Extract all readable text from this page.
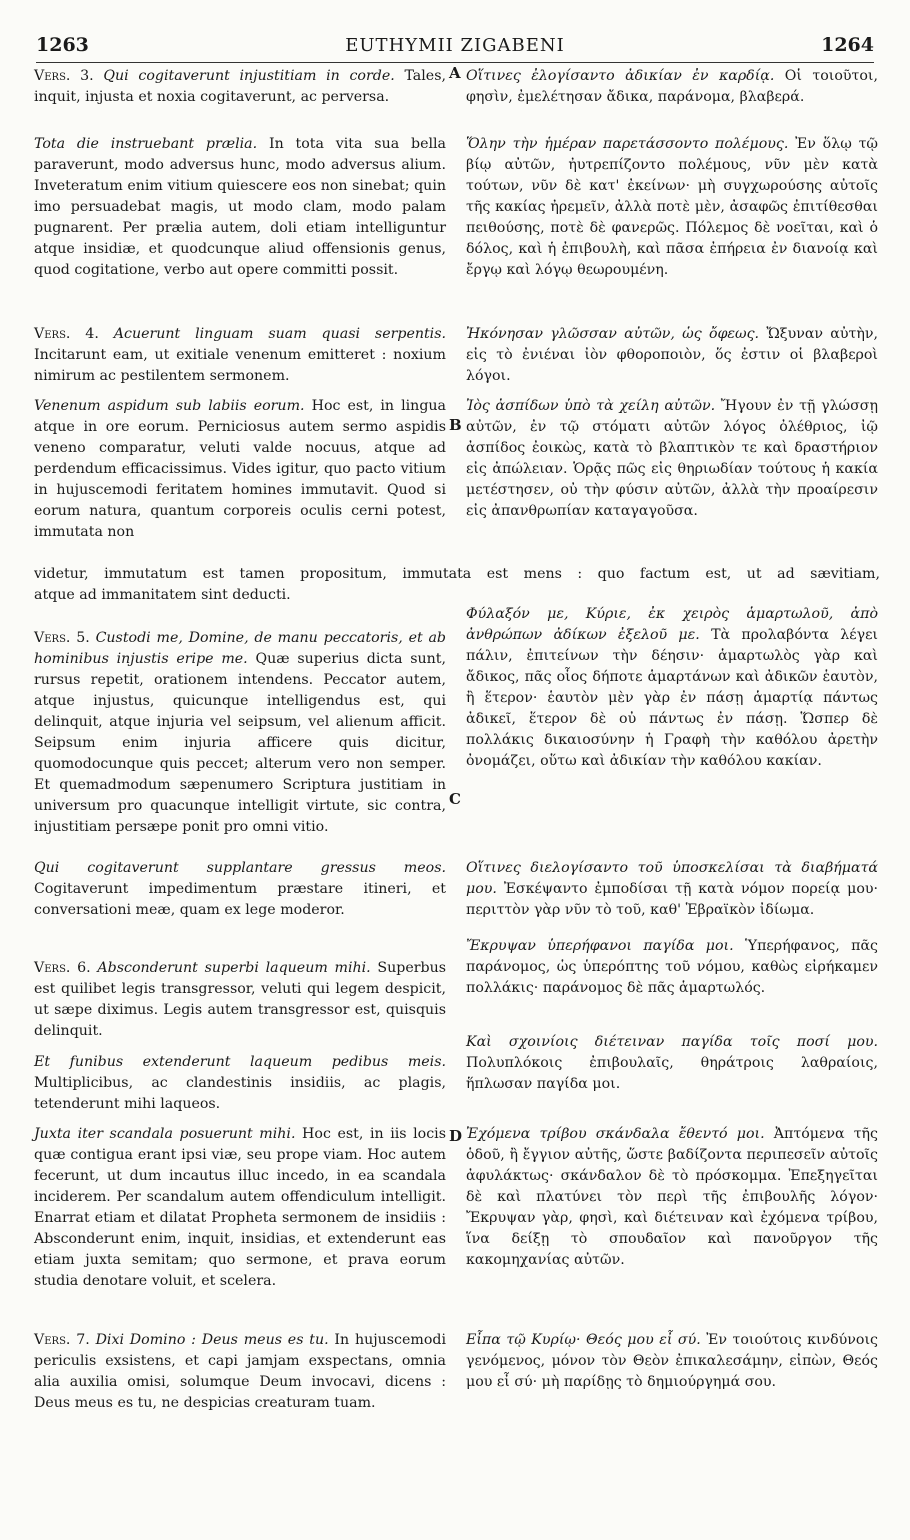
1263	EUTHYMII ZIGABENI	1264
A
B
C
D
Vers. 3. Qui cogitaverunt injustitiam in corde. Tales, inquit, injusta et noxia cogitaverunt, ac perversa.
Tota die instruebant prælia. In tota vita sua bella paraverunt, modo adversus hunc, modo adversus alium. Inveteratum enim vitium quiescere eos non sinebat; quin imo persuadebat magis, ut modo clam, modo palam pugnarent. Per prælia autem, doli etiam intelliguntur atque insidiæ, et quodcunque aliud offensionis genus, quod cogitatione, verbo aut opere committi possit.
Vers. 4. Acuerunt linguam suam quasi serpentis. Incitarunt eam, ut exitiale venenum emitteret : noxium nimirum ac pestilentem sermonem.
Venenum aspidum sub labiis eorum. Hoc est, in lingua atque in ore eorum. Perniciosus autem sermo aspidis veneno comparatur, veluti valde nocuus, atque ad perdendum efficacissimus. Vides igitur, quo pacto vitium in hujuscemodi feritatem homines immutavit. Quod si eorum natura, quantum corporeis oculis cerni potest, immutata non
videtur, immutatum est tamen propositum, immutata est mens : quo factum est, ut ad sævitiam,
atque ad immanitatem sint deducti.
Vers. 5. Custodi me, Domine, de manu peccatoris, et ab hominibus injustis eripe me. Quæ superius dicta sunt, rursus repetit, orationem intendens. Peccator autem, atque injustus, quicunque intelligendus est, qui delinquit, atque injuria vel seipsum, vel alienum afficit. Seipsum enim injuria afficere quis dicitur, quomodocunque quis peccet; alterum vero non semper. Et quemadmodum sæpenumero Scriptura justitiam in universum pro quacunque intelligit virtute, sic contra, injustitiam persæpe ponit pro omni vitio.
Qui cogitaverunt supplantare gressus meos. Cogitaverunt impedimentum præstare itineri, et conversationi meæ, quam ex lege moderor.
Vers. 6. Absconderunt superbi laqueum mihi. Superbus est quilibet legis transgressor, veluti qui legem despicit, ut sæpe diximus. Legis autem transgressor est, quisquis delinquit.
Et funibus extenderunt laqueum pedibus meis. Multiplicibus, ac clandestinis insidiis, ac plagis, tetenderunt mihi laqueos.
Juxta iter scandala posuerunt mihi. Hoc est, in iis locis quæ contigua erant ipsi viæ, seu prope viam. Hoc autem fecerunt, ut dum incautus illuc incedo, in ea scandala inciderem. Per scandalum autem offendiculum intelligit. Enarrat etiam et dilatat Propheta sermonem de insidiis : Absconderunt enim, inquit, insidias, et extenderunt eas etiam juxta semitam; quo sermone, et prava eorum studia denotare voluit, et scelera.
Vers. 7. Dixi Domino : Deus meus es tu. In hujuscemodi periculis exsistens, et capi jamjam exspectans, omnia alia auxilia omisi, solumque Deum invocavi, dicens : Deus meus es tu, ne despicias creaturam tuam.
Οἵτινες ἐλογίσαντο ἀδικίαν ἐν καρδίᾳ. Οἱ τοιοῦτοι, φησὶν, ἐμελέτησαν ἄδικα, παράνομα, βλαβερά.
Ὅλην τὴν ἡμέραν παρετάσσοντο πολέμους. Ἐν ὅλῳ τῷ βίῳ αὐτῶν, ἠυτρεπίζοντο πολέμους, νῦν μὲν κατὰ τούτων, νῦν δὲ κατ' ἐκείνων· μὴ συγχωρούσης αὐτοῖς τῆς κακίας ἠρεμεῖν, ἀλλὰ ποτὲ μὲν, ἀσαφῶς ἐπιτίθεσθαι πειθούσης, ποτὲ δὲ φανερῶς. Πόλεμος δὲ νοεῖται, καὶ ὁ δόλος, καὶ ἡ ἐπιβουλὴ, καὶ πᾶσα ἐπήρεια ἐν διανοίᾳ καὶ ἔργῳ καὶ λόγῳ θεωρουμένη.
Ἠκόνησαν γλῶσσαν αὐτῶν, ὡς ὄφεως. Ὤξυναν αὐτὴν, εἰς τὸ ἐνιέναι ἰὸν φθοροποιὸν, ὅς ἐστιν οἱ βλαβεροὶ λόγοι.
Ἰὸς ἀσπίδων ὑπὸ τὰ χείλη αὐτῶν. Ἤγουν ἐν τῇ γλώσσῃ αὐτῶν, ἐν τῷ στόματι αὐτῶν λόγος ὀλέθριος, ἰῷ ἀσπίδος ἐοικὼς, κατὰ τὸ βλαπτικὸν τε καὶ δραστήριον εἰς ἀπώλειαν. Ὁρᾷς πῶς εἰς θηριωδίαν τούτους ἡ κακία μετέστησεν, οὐ τὴν φύσιν αὐτῶν, ἀλλὰ τὴν προαίρεσιν εἰς ἀπανθρωπίαν καταγαγοῦσα.
Φύλαξόν με, Κύριε, ἐκ χειρὸς ἁμαρτωλοῦ, ἀπὸ ἀνθρώπων ἀδίκων ἐξελοῦ με. Τὰ προλαβόντα λέγει πάλιν, ἐπιτείνων τὴν δέησιν· ἁμαρτωλὸς γὰρ καὶ ἄδικος, πᾶς οἷος δήποτε ἁμαρτάνων καὶ ἀδικῶν ἑαυτὸν, ἢ ἕτερον· ἑαυτὸν μὲν γὰρ ἐν πάσῃ ἁμαρτίᾳ πάντως ἀδικεῖ, ἕτερον δὲ οὐ πάντως ἐν πάσῃ. Ὥσπερ δὲ πολλάκις δικαιοσύνην ἡ Γραφὴ τὴν καθόλου ἀρετὴν ὀνομάζει, οὕτω καὶ ἀδικίαν τὴν καθόλου κακίαν.
Οἵτινες διελογίσαντο τοῦ ὑποσκελίσαι τὰ διαβήματά μου. Ἐσκέψαντο ἐμποδίσαι τῇ κατὰ νόμον πορείᾳ μου· περιττὸν γὰρ νῦν τὸ τοῦ, καθ' Ἑβραϊκὸν ἰδίωμα.
Ἔκρυψαν ὑπερήφανοι παγίδα μοι. Ὑπερήφανος, πᾶς παράνομος, ὡς ὑπερόπτης τοῦ νόμου, καθὼς εἰρήκαμεν πολλάκις· παράνομος δὲ πᾶς ἁμαρτωλός.
Καὶ σχοινίοις διέτειναν παγίδα τοῖς ποσί μου. Πολυπλόκοις ἐπιβουλαῖς, θηράτροις λαθραίοις, ἥπλωσαν παγίδα μοι.
Ἐχόμενα τρίβου σκάνδαλα ἔθεντό μοι. Ἀπτόμενα τῆς ὁδοῦ, ἢ ἔγγιον αὐτῆς, ὥστε βαδίζοντα περιπεσεῖν αὐτοῖς ἀφυλάκτως· σκάνδαλον δὲ τὸ πρόσκομμα. Ἐπεξηγεῖται δὲ καὶ πλατύνει τὸν περὶ τῆς ἐπιβουλῆς λόγον· Ἔκρυψαν γὰρ, φησὶ, καὶ διέτειναν καὶ ἐχόμενα τρίβου, ἵνα δείξῃ τὸ σπουδαῖον καὶ πανοῦργον τῆς κακομηχανίας αὐτῶν.
Εἶπα τῷ Κυρίῳ· Θεός μου εἶ σύ. Ἐν τοιούτοις κινδύνοις γενόμενος, μόνον τὸν Θεὸν ἐπικαλεσάμην, εἰπὼν, Θεός μου εἶ σύ· μὴ παρίδῃς τὸ δημιούργημά σου.
